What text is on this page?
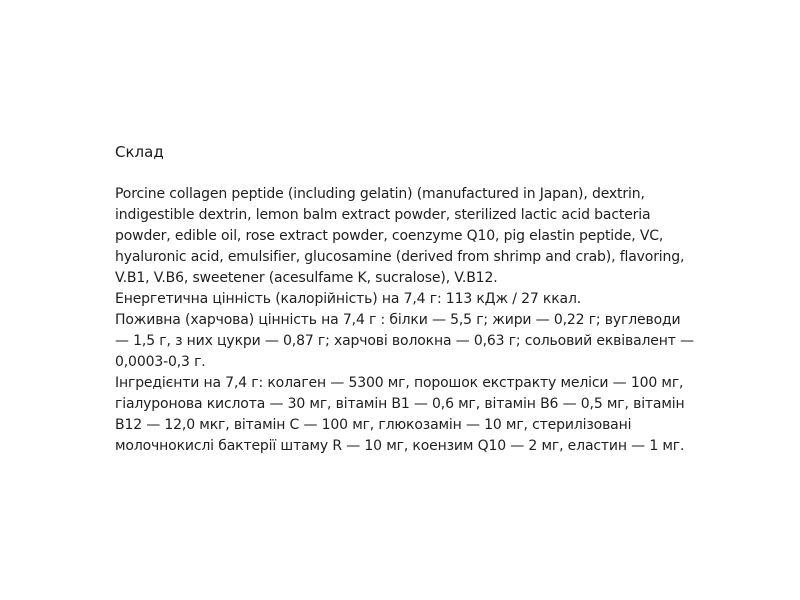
Склад

Porcine collagen peptide (including gelatin) (manufactured in Japan), dextrin, indigestible dextrin, lemon balm extract powder, sterilized lactic acid bacteria powder, edible oil, rose extract powder, coenzyme Q10, pig elastin peptide, VC, hyaluronic acid, emulsifier, glucosamine (derived from shrimp and crab), flavoring, V.B1, V.B6, sweetener (acesulfame K, sucralose), V.B12.

Енергетична цінність (калорійність) на 7,4 г: 113 кДж / 27 ккал.

Поживна (харчова) цінність на 7,4 г : білки — 5,5 г; жири — 0,22 г; вуглеводи — 1,5 г, з них цукри — 0,87 г; харчові волокна — 0,63 г; сольовий еквівалент — 0,0003-0,3 г.

Інгредієнти на 7,4 г: колаген — 5300 мг, порошок екстракту меліси — 100 мг, гіалуронова кислота — 30 мг, вітамін B1 — 0,6 мг, вітамін B6 — 0,5 мг, вітамін B12 — 12,0 мкг, вітамін C — 100 мг, глюкозамін — 10 мг, стерилізовані молочнокислі бактерії штаму R — 10 мг, коензим Q10 — 2 мг, еластин — 1 мг.
